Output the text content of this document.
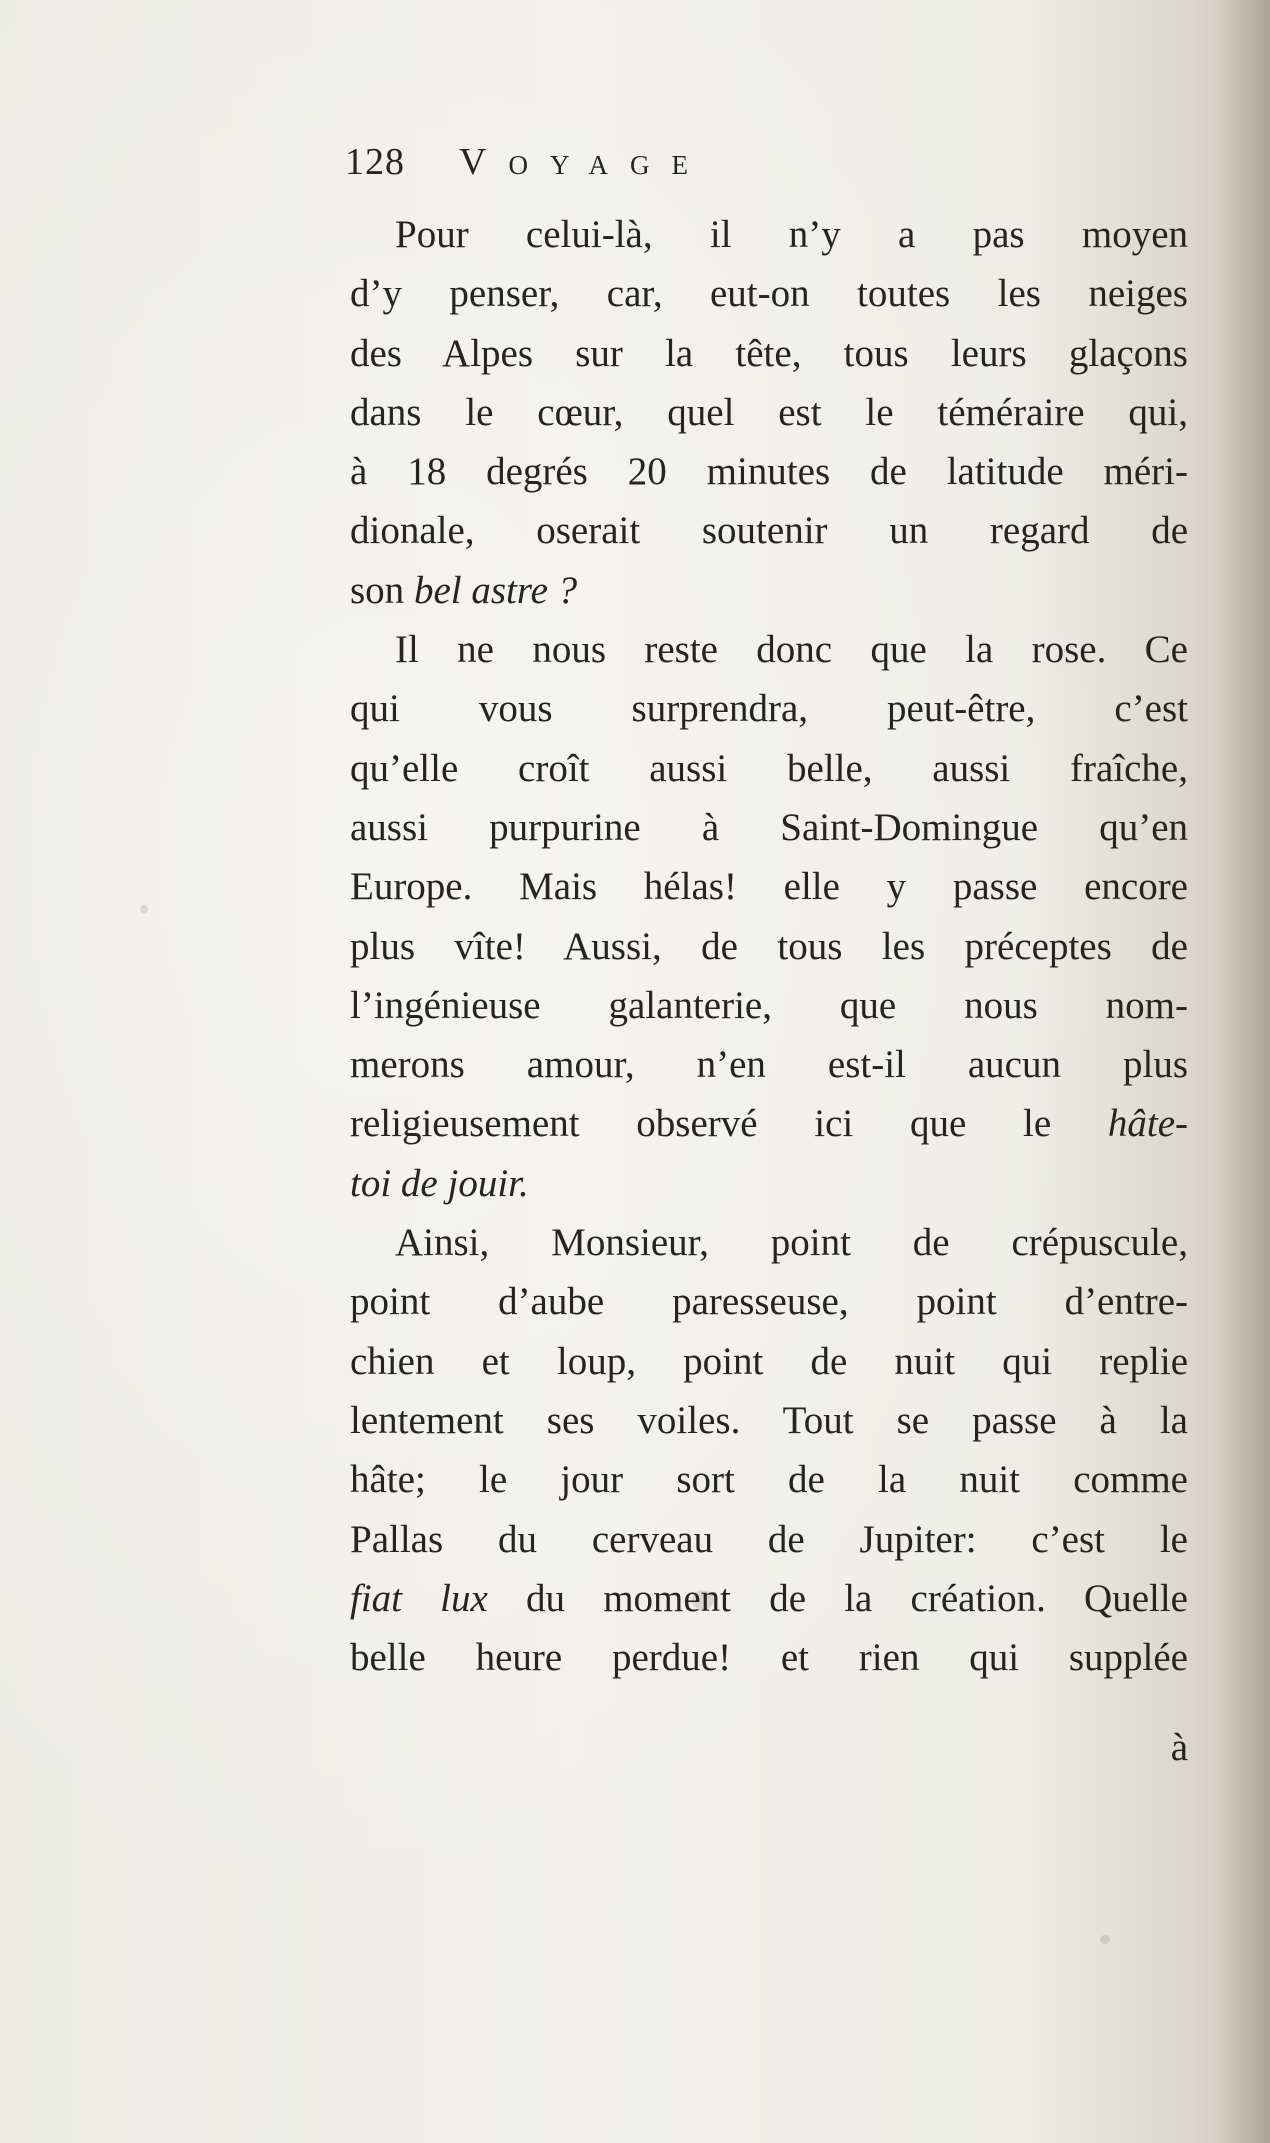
128 Voyage
Pour celui-là, il n’y a pas moyen
d’y penser, car, eut-on toutes les neiges
des Alpes sur la tête, tous leurs glaçons
dans le cœur, quel est le téméraire qui,
à 18 degrés 20 minutes de latitude méri-
dionale, oserait soutenir un regard de
son bel astre ?
Il ne nous reste donc que la rose. Ce
qui vous surprendra, peut-être, c’est
qu’elle croît aussi belle, aussi fraîche,
aussi purpurine à Saint-Domingue qu’en
Europe. Mais hélas! elle y passe encore
plus vîte! Aussi, de tous les préceptes de
l’ingénieuse galanterie, que nous nom-
merons amour, n’en est-il aucun plus
religieusement observé ici que le hâte-
toi de jouir.
Ainsi, Monsieur, point de crépuscule,
point d’aube paresseuse, point d’entre-
chien et loup, point de nuit qui replie
lentement ses voiles. Tout se passe à la
hâte; le jour sort de la nuit comme
Pallas du cerveau de Jupiter: c’est le
fiat lux du moment de la création. Quelle
belle heure perdue! et rien qui supplée
à
